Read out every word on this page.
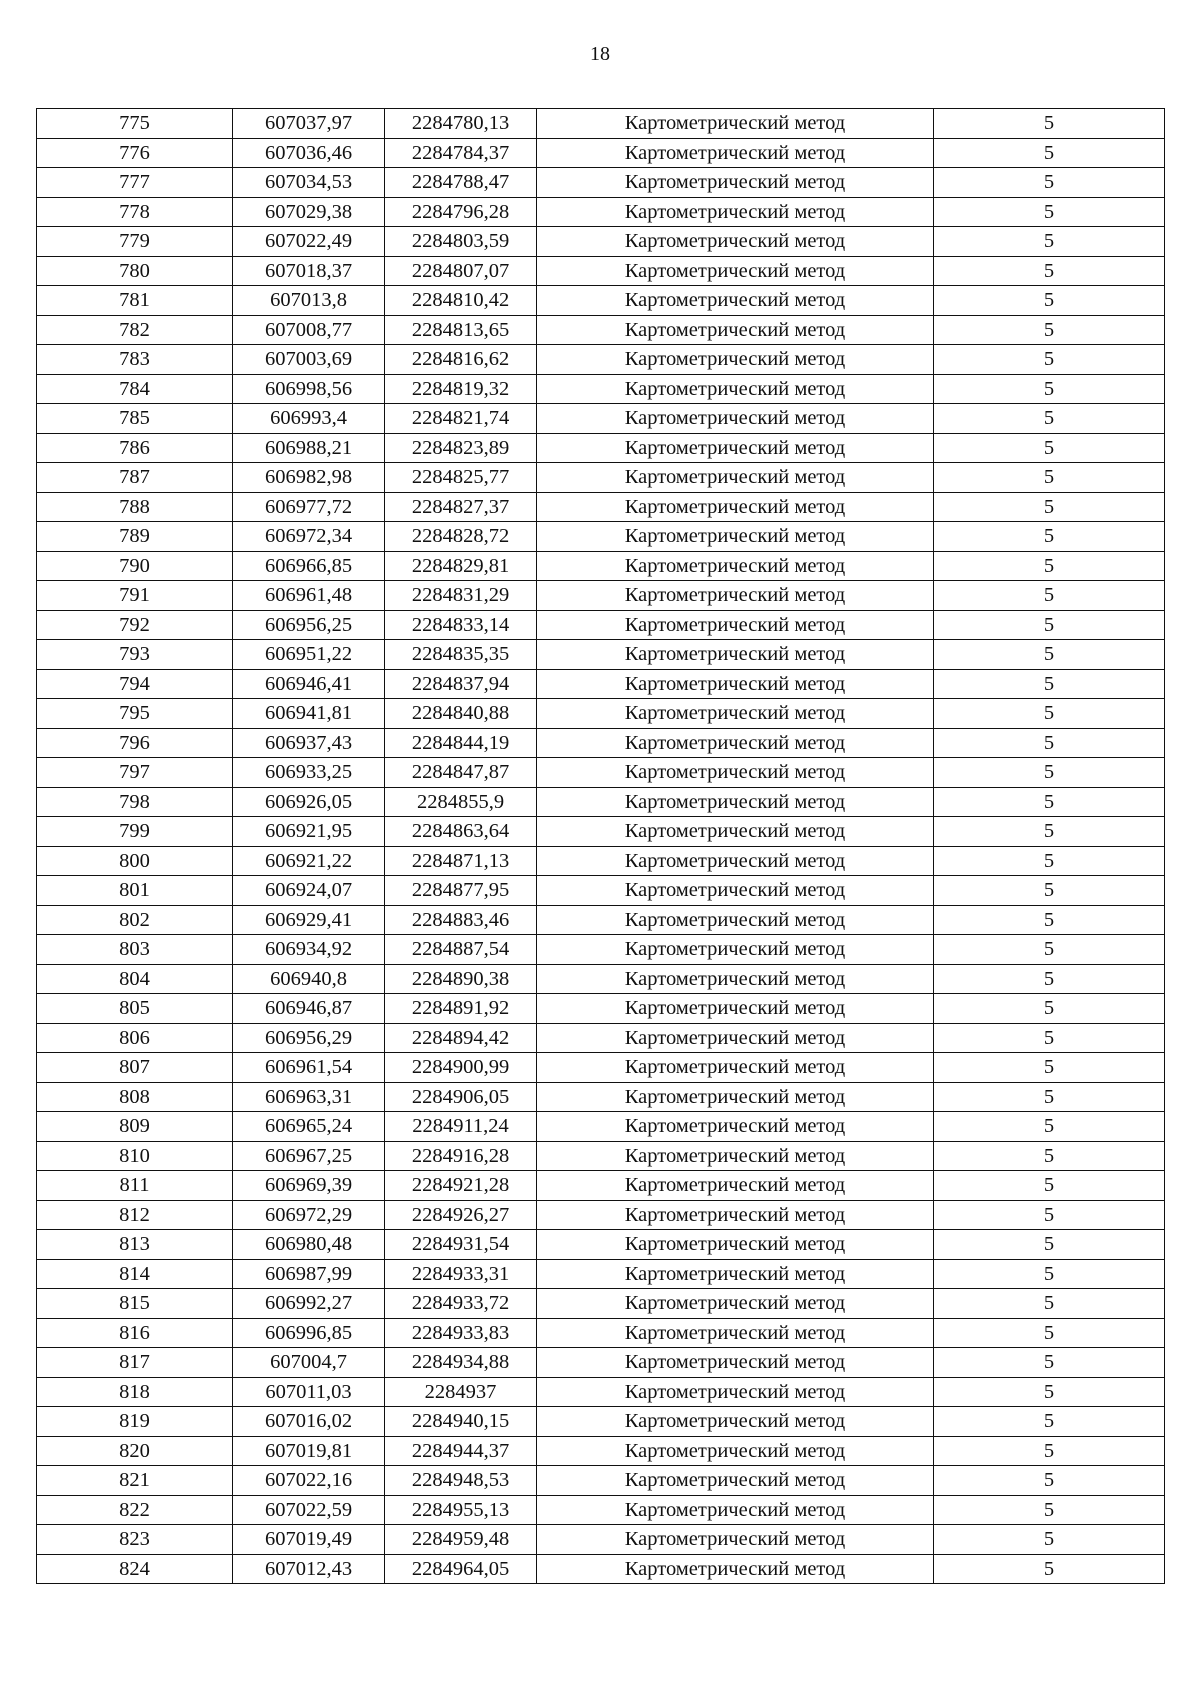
18
775	607037,97	2284780,13	Картометрический метод	5
776	607036,46	2284784,37	Картометрический метод	5
777	607034,53	2284788,47	Картометрический метод	5
778	607029,38	2284796,28	Картометрический метод	5
779	607022,49	2284803,59	Картометрический метод	5
780	607018,37	2284807,07	Картометрический метод	5
781	607013,8	2284810,42	Картометрический метод	5
782	607008,77	2284813,65	Картометрический метод	5
783	607003,69	2284816,62	Картометрический метод	5
784	606998,56	2284819,32	Картометрический метод	5
785	606993,4	2284821,74	Картометрический метод	5
786	606988,21	2284823,89	Картометрический метод	5
787	606982,98	2284825,77	Картометрический метод	5
788	606977,72	2284827,37	Картометрический метод	5
789	606972,34	2284828,72	Картометрический метод	5
790	606966,85	2284829,81	Картометрический метод	5
791	606961,48	2284831,29	Картометрический метод	5
792	606956,25	2284833,14	Картометрический метод	5
793	606951,22	2284835,35	Картометрический метод	5
794	606946,41	2284837,94	Картометрический метод	5
795	606941,81	2284840,88	Картометрический метод	5
796	606937,43	2284844,19	Картометрический метод	5
797	606933,25	2284847,87	Картометрический метод	5
798	606926,05	2284855,9	Картометрический метод	5
799	606921,95	2284863,64	Картометрический метод	5
800	606921,22	2284871,13	Картометрический метод	5
801	606924,07	2284877,95	Картометрический метод	5
802	606929,41	2284883,46	Картометрический метод	5
803	606934,92	2284887,54	Картометрический метод	5
804	606940,8	2284890,38	Картометрический метод	5
805	606946,87	2284891,92	Картометрический метод	5
806	606956,29	2284894,42	Картометрический метод	5
807	606961,54	2284900,99	Картометрический метод	5
808	606963,31	2284906,05	Картометрический метод	5
809	606965,24	2284911,24	Картометрический метод	5
810	606967,25	2284916,28	Картометрический метод	5
811	606969,39	2284921,28	Картометрический метод	5
812	606972,29	2284926,27	Картометрический метод	5
813	606980,48	2284931,54	Картометрический метод	5
814	606987,99	2284933,31	Картометрический метод	5
815	606992,27	2284933,72	Картометрический метод	5
816	606996,85	2284933,83	Картометрический метод	5
817	607004,7	2284934,88	Картометрический метод	5
818	607011,03	2284937	Картометрический метод	5
819	607016,02	2284940,15	Картометрический метод	5
820	607019,81	2284944,37	Картометрический метод	5
821	607022,16	2284948,53	Картометрический метод	5
822	607022,59	2284955,13	Картометрический метод	5
823	607019,49	2284959,48	Картометрический метод	5
824	607012,43	2284964,05	Картометрический метод	5
